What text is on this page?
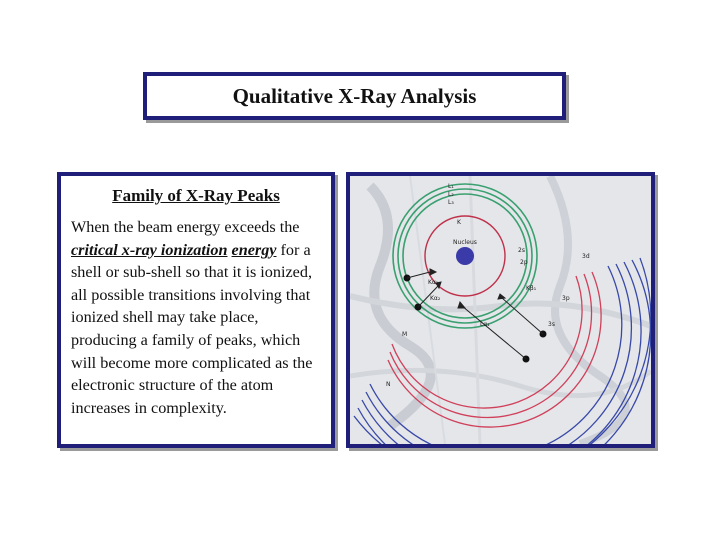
Qualitative X-Ray Analysis
Family of X-Ray Peaks

When the beam energy exceeds the critical x-ray ionization energy for a shell or sub-shell so that it is ionized, all possible transitions involving that ionized shell may take place, producing a family of peaks, which will become more complicated as the electronic structure of the atom increases in complexity.

Nucleus
L₁
L₂
L₃
K
2s
2p
M
N
3s
3p
3d
Kα₁
Kα₂
Kβ₁
Lα₁
